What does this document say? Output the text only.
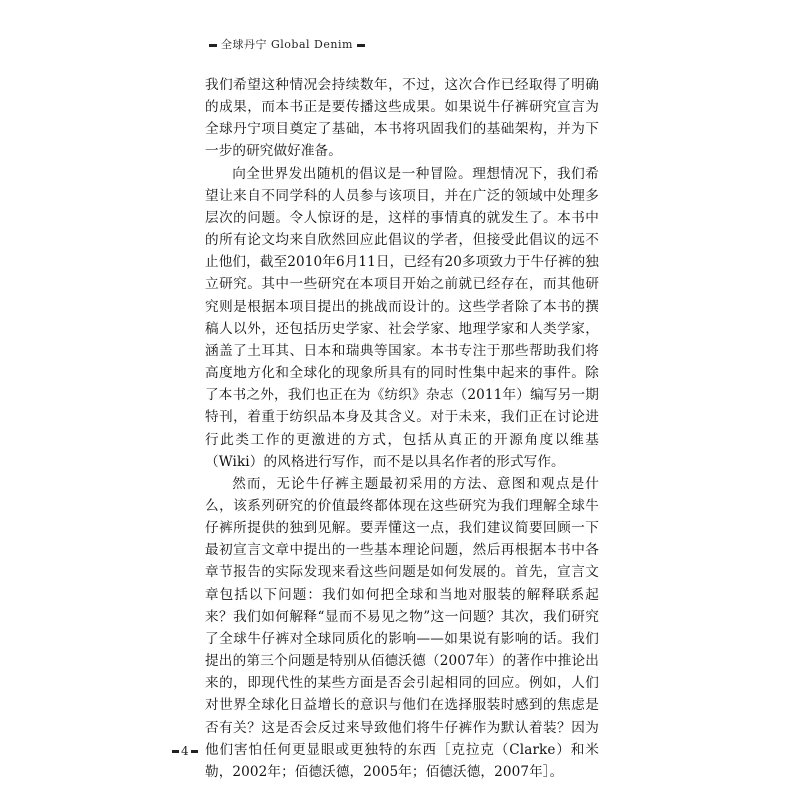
全球丹宁 Global Denim

我们希望这种情况会持续数年，不过，这次合作已经取得了明确的成果，而本书正是要传播这些成果。如果说牛仔裤研究宣言为全球丹宁项目奠定了基础，本书将巩固我们的基础架构，并为下一步的研究做好准备。

向全世界发出随机的倡议是一种冒险。理想情况下，我们希望让来自不同学科的人员参与该项目，并在广泛的领域中处理多层次的问题。令人惊讶的是，这样的事情真的就发生了。本书中的所有论文均来自欣然回应此倡议的学者，但接受此倡议的远不止他们，截至2010年6月11日，已经有20多项致力于牛仔裤的独立研究。其中一些研究在本项目开始之前就已经存在，而其他研究则是根据本项目提出的挑战而设计的。这些学者除了本书的撰稿人以外，还包括历史学家、社会学家、地理学家和人类学家，涵盖了土耳其、日本和瑞典等国家。本书专注于那些帮助我们将高度地方化和全球化的现象所具有的同时性集中起来的事件。除了本书之外，我们也正在为《纺织》杂志（2011年）编写另一期特刊，着重于纺织品本身及其含义。对于未来，我们正在讨论进行此类工作的更激进的方式，包括从真正的开源角度以维基（Wiki）的风格进行写作，而不是以具名作者的形式写作。

然而，无论牛仔裤主题最初采用的方法、意图和观点是什么，该系列研究的价值最终都体现在这些研究为我们理解全球牛仔裤所提供的独到见解。要弄懂这一点，我们建议简要回顾一下最初宣言文章中提出的一些基本理论问题，然后再根据本书中各章节报告的实际发现来看这些问题是如何发展的。首先，宣言文章包括以下问题：我们如何把全球和当地对服装的解释联系起来？我们如何解释“显而不易见之物”这一问题？其次，我们研究了全球牛仔裤对全球同质化的影响——如果说有影响的话。我们提出的第三个问题是特别从佰德沃德（2007年）的著作中推论出来的，即现代性的某些方面是否会引起相同的回应。例如，人们对世界全球化日益增长的意识与他们在选择服装时感到的焦虑是否有关？这是否会反过来导致他们将牛仔裤作为默认着装？因为他们害怕任何更显眼或更独特的东西［克拉克（Clarke）和米勒，2002年；佰德沃德，2005年；佰德沃德，2007年］。

4
